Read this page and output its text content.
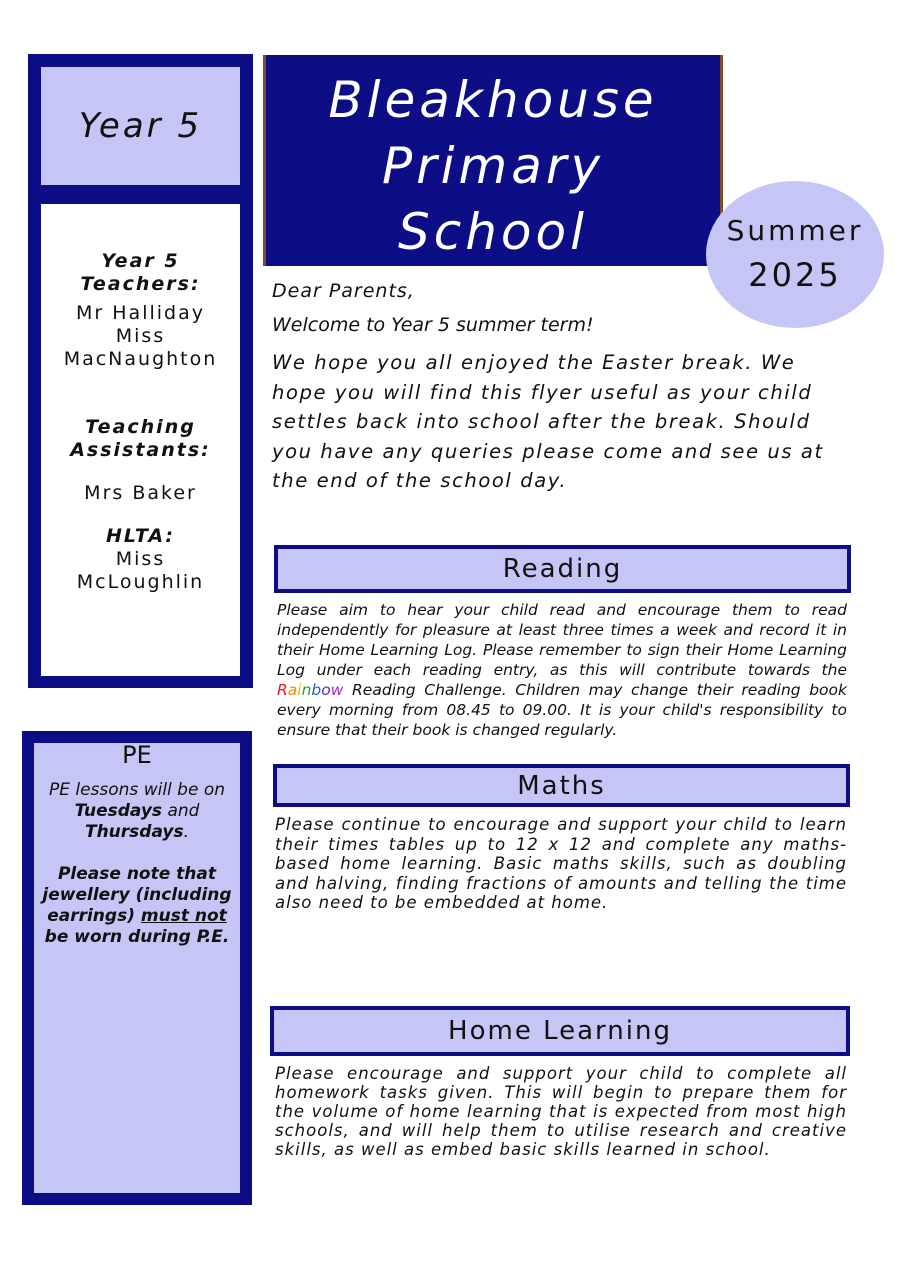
Year 5
Year 5
Teachers:
Mr Halliday
Miss
MacNaughton
Teaching
Assistants:
Mrs Baker
HLTA:
Miss
McLoughlin
PE
PE lessons will be on Tuesdays and Thursdays.
Please note that jewellery (including earrings) must not be worn during P.E.
Bleakhouse
Primary
School	Summer
2025

Dear Parents,

Welcome to Year 5 summer term!

We hope you all enjoyed the Easter break. We hope you will find this flyer useful as your child settles back into school after the break. Should you have any queries please come and see us at the end of the school day.

Reading

Please aim to hear your child read and encourage them to read independently for pleasure at least three times a week and record it in their Home Learning Log. Please remember to sign their Home Learning Log under each reading entry, as this will contribute towards the Rainbow Reading Challenge. Children may change their reading book every morning from 08.45 to 09.00. It is your child's responsibility to ensure that their book is changed regularly.

Maths

Please continue to encourage and support your child to learn their times tables up to 12 x 12 and complete any maths-based home learning. Basic maths skills, such as doubling and halving, finding fractions of amounts and telling the time also need to be embedded at home.

Home Learning

Please encourage and support your child to complete all homework tasks given. This will begin to prepare them for the volume of home learning that is expected from most high schools, and will help them to utilise research and creative skills, as well as embed basic skills learned in school.
